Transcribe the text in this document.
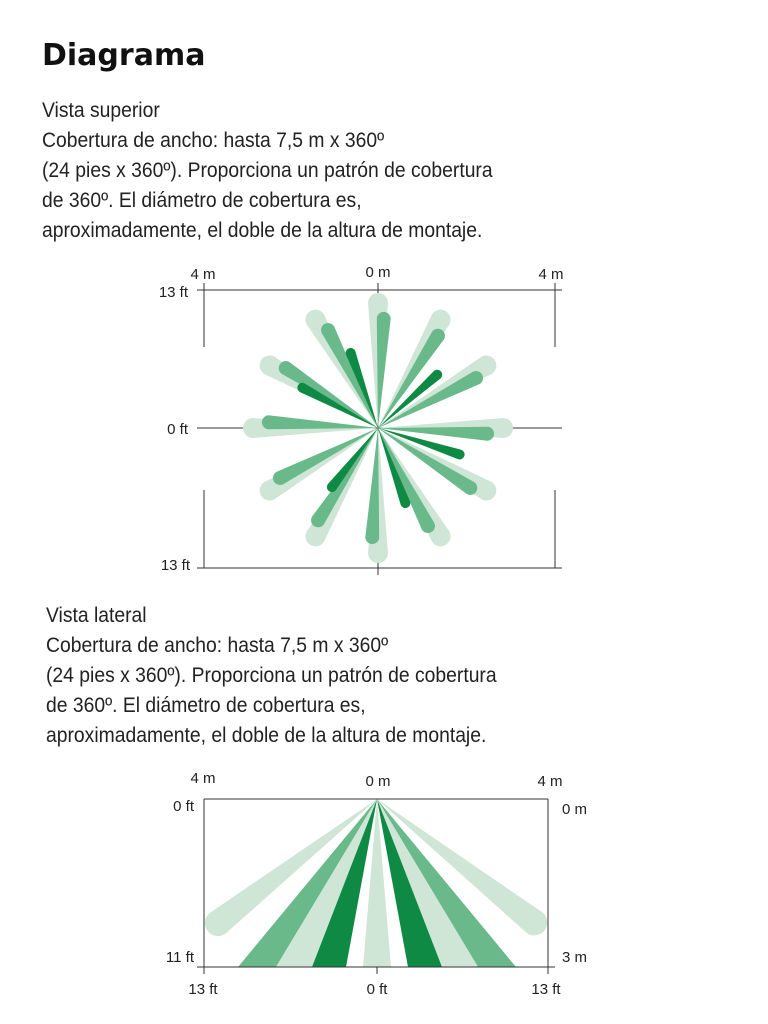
Diagrama
Vista superior
Cobertura de ancho: hasta 7,5 m x 360º
(24 pies x 360º). Proporciona un patrón de cobertura
de 360º. El diámetro de cobertura es,
aproximadamente, el doble de la altura de montaje.
4 m	0 m	4 m
13 ft
0 ft
13 ft
Vista lateral
Cobertura de ancho: hasta 7,5 m x 360º
(24 pies x 360º). Proporciona un patrón de cobertura
de 360º. El diámetro de cobertura es,
aproximadamente, el doble de la altura de montaje.
4 m	0 m	4 m
0 ft	0 m
11 ft	3 m
13 ft	0 ft	13 ft
